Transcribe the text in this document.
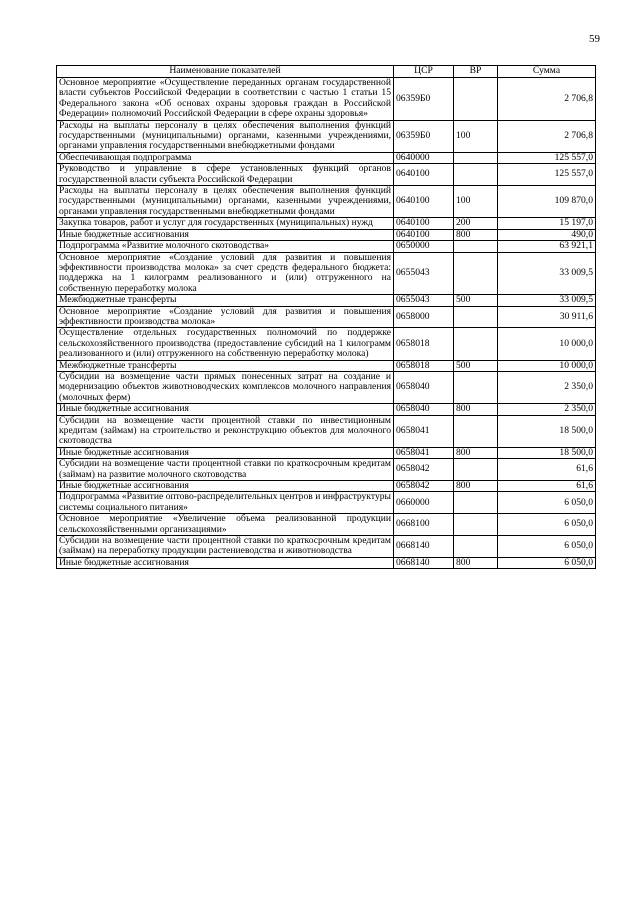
59
Наименование показателей	ЦСР	ВР	Сумма
Основное мероприятие «Осуществление переданных органам государственной власти субъектов Российской Федерации в соответствии с частью 1 статьи 15 Федерального закона «Об основах охраны здоровья граждан в Российской Федерации» полномочий Российской Федерации в сфере охраны здоровья»	06359Б0		2 706,8
Расходы на выплаты персоналу в целях обеспечения выполнения функций государственными (муниципальными) органами, казенными учреждениями, органами управления государственными внебюджетными фондами	06359Б0	100	2 706,8
Обеспечивающая подпрограмма	0640000		125 557,0
Руководство и управление в сфере установленных функций органов государственной власти субъекта Российской Федерации	0640100		125 557,0
Расходы на выплаты персоналу в целях обеспечения выполнения функций государственными (муниципальными) органами, казенными учреждениями, органами управления государственными внебюджетными фондами	0640100	100	109 870,0
Закупка товаров, работ и услуг для государственных (муниципальных) нужд	0640100	200	15 197,0
Иные бюджетные ассигнования	0640100	800	490,0
Подпрограмма «Развитие молочного скотоводства»	0650000		63 921,1
Основное мероприятие «Создание условий для развития и повышения эффективности производства молока» за счет средств федерального бюджета: поддержка на 1 килограмм реализованного и (или) отгруженного на собственную переработку молока	0655043		33 009,5
Межбюджетные трансферты	0655043	500	33 009,5
Основное мероприятие «Создание условий для развития и повышения эффективности производства молока»	0658000		30 911,6
Осуществление отдельных государственных полномочий по поддержке сельскохозяйственного производства (предоставление субсидий на 1 килограмм реализованного и (или) отгруженного на собственную переработку молока)	0658018		10 000,0
Межбюджетные трансферты	0658018	500	10 000,0
Субсидии на возмещение части прямых понесенных затрат на создание и модернизацию объектов животноводческих комплексов молочного направления (молочных ферм)	0658040		2 350,0
Иные бюджетные ассигнования	0658040	800	2 350,0
Субсидии на возмещение части процентной ставки по инвестиционным кредитам (займам) на строительство и реконструкцию объектов для молочного скотоводства	0658041		18 500,0
Иные бюджетные ассигнования	0658041	800	18 500,0
Субсидии на возмещение части процентной ставки по краткосрочным кредитам (займам) на развитие молочного скотоводства	0658042		61,6
Иные бюджетные ассигнования	0658042	800	61,6
Подпрограмма «Развитие оптово-распределительных центров и инфраструктуры системы социального питания»	0660000		6 050,0
Основное мероприятие «Увеличение объема реализованной продукции сельскохозяйственными организациями»	0668100		6 050,0
Субсидии на возмещение части процентной ставки по краткосрочным кредитам (займам) на переработку продукции растениеводства и животноводства	0668140		6 050,0
Иные бюджетные ассигнования	0668140	800	6 050,0
